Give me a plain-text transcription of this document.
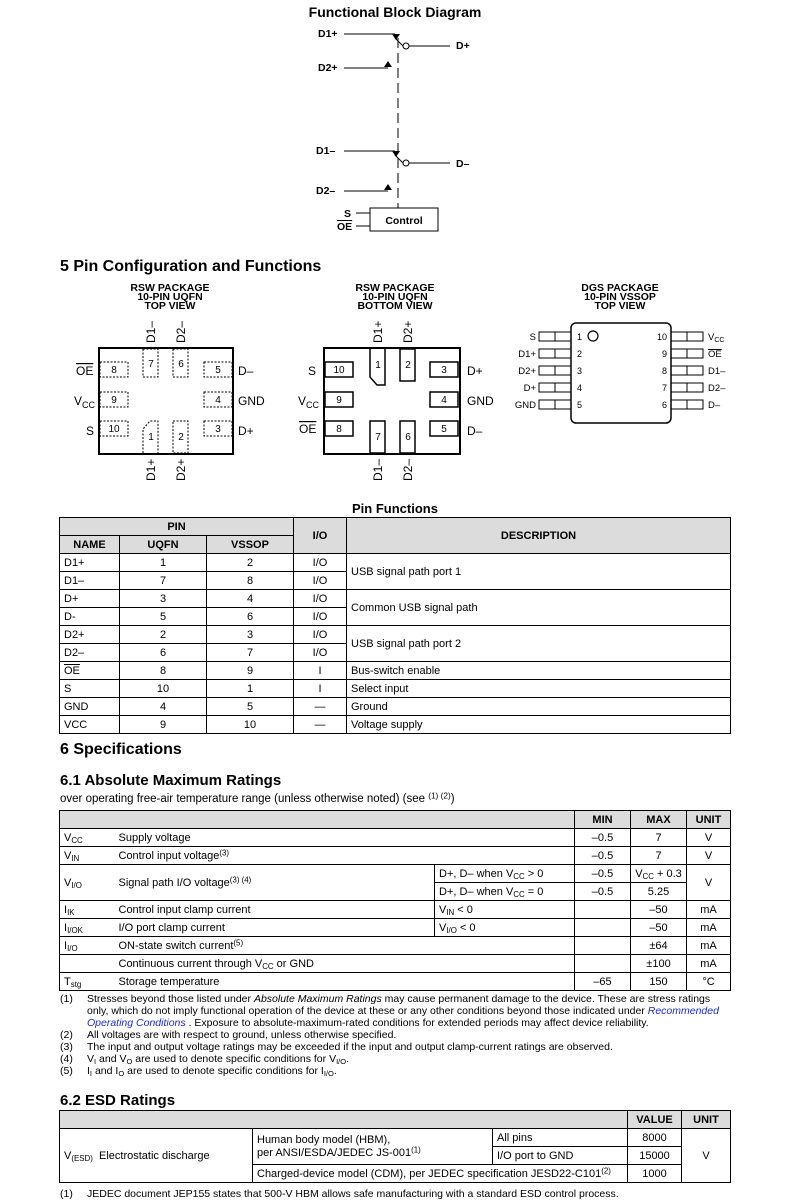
Functional Block Diagram
D1+
D2+
D1–
D2–
D+
D–
S
OE	Control
5 Pin Configuration and Functions
RSW PACKAGE
10-PIN UQFN
TOP VIEW
8
9
10
5
4
3
7 6
1 2
OE
$V_{CC}$
S
D–
GND
D+
D1– D2–
D1+ D2+
RSW PACKAGE
10-PIN UQFN
BOTTOM VIEW
10
9
8
3
4
5
1 2
7 6
S
$V_{CC}$
OE
D+
GND
D–
D1+ D2+
D1– D2–
DGS PACKAGE
10-PIN VSSOP
TOP VIEW
1
2
3
4
5
10
9
8
7
6
S
D1+
D2+
D+
GND
$V_{CC}$
OE
D1–
D2–
D–
Pin Functions
PIN			I/O	DESCRIPTION
NAME	UQFN	VSSOP		
D1+	1	2	I/O	USB signal path port 1
D1–	7	8	I/O	
D+	3	4	I/O	Common USB signal path
D-	5	6	I/O	
D2+	2	3	I/O	USB signal path port 2
D2–	6	7	I/O	
$\overline{OE}$	8	9	I	Bus-switch enable
S	10	1	I	Select input
GND	4	5	—	Ground
VCC	9	10	—	Voltage supply
6 Specifications
6.1 Absolute Maximum Ratings
over operating free-air temperature range (unless otherwise noted) (see $^{(1) (2)}$)
			MIN	MAX	UNIT
$V_{CC}$	Supply voltage		–0.5	7	V
$V_{IN}$	Control input voltage$^{(3)}$		–0.5	7	V
$V_{I/O}$	Signal path I/O voltage$^{(3) (4)}$	D+, D– when $V_{CC} > 0$	–0.5	$V_{CC} + 0.3$	V
		D+, D– when $V_{CC} = 0$	–0.5	5.25	
$I_{IK}$	Control input clamp current	$V_{IN} < 0$		–50	mA
$I_{I/OK}$	I/O port clamp current	$V_{I/O} < 0$		–50	mA
$I_{I/O}$	ON-state switch current$^{(5)}$			±64	mA
	Continuous current through $V_{CC}$ or GND			±100	mA
$T_{stg}$	Storage temperature		–65	150	°C
(1)	Stresses beyond those listed under Absolute Maximum Ratings may cause permanent damage to the device. These are stress ratings only, which do not imply functional operation of the device at these or any other conditions beyond those indicated under Recommended Operating Conditions . Exposure to absolute-maximum-rated conditions for extended periods may affect device reliability.
(2)	All voltages are with respect to ground, unless otherwise specified.
(3)	The input and output voltage ratings may be exceeded if the input and output clamp-current ratings are observed.
(4)	$V_I$ and $V_O$ are used to denote specific conditions for $V_{I/O}$.
(5)	$I_I$ and $I_O$ are used to denote specific conditions for $I_{I/O}$.
6.2 ESD Ratings
			VALUE	UNIT
$V_{(ESD)}$ Electrostatic discharge	Human body model (HBM),
per ANSI/ESDA/JEDEC JS-001$^{(1)}$	All pins	8000	V
		I/O port to GND	15000	
	Charged-device model (CDM), per JEDEC specification JESD22-C101$^{(2)}$		1000	
(1)	JEDEC document JEP155 states that 500-V HBM allows safe manufacturing with a standard ESD control process.
